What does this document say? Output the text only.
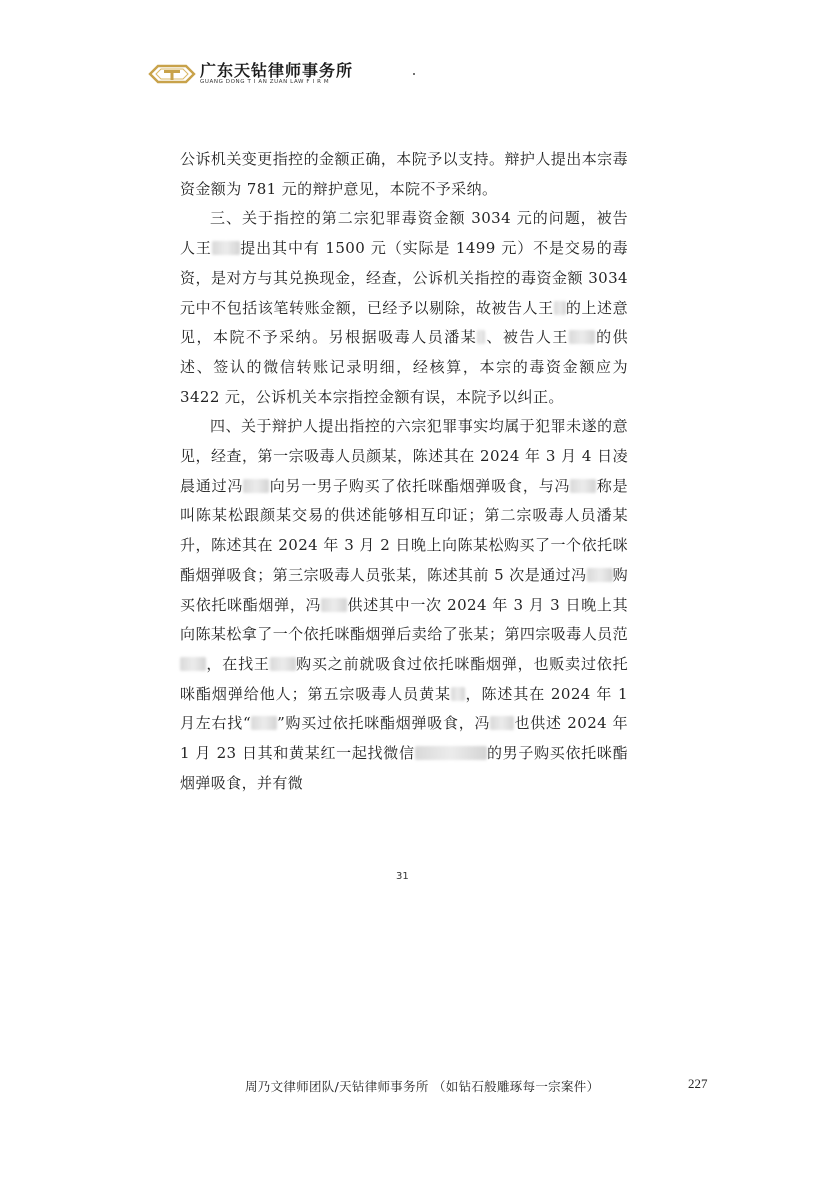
广东天钻律师事务所
GUANG DONG T I AN ZUAN LAW F I R M

公诉机关变更指控的金额正确，本院予以支持。辩护人提出本宗毒资金额为 781 元的辩护意见，本院不予采纳。

三、关于指控的第二宗犯罪毒资金额 3034 元的问题，被告人王 提出其中有 1500 元（实际是 1499 元）不是交易的毒资，是对方与其兑换现金，经查，公诉机关指控的毒资金额 3034 元中不包括该笔转账金额，已经予以剔除，故被告人王 的上述意见，本院不予采纳。另根据吸毒人员潘某 、被告人王 的供述、签认的微信转账记录明细，经核算，本宗的毒资金额应为 3422 元，公诉机关本宗指控金额有误，本院予以纠正。

四、关于辩护人提出指控的六宗犯罪事实均属于犯罪未遂的意见，经查，第一宗吸毒人员颜某，陈述其在 2024 年 3 月 4 日凌晨通过冯 向另一男子购买了依托咪酯烟弹吸食，与冯 称是叫陈某松跟颜某交易的供述能够相互印证；第二宗吸毒人员潘某升，陈述其在 2024 年 3 月 2 日晚上向陈某松购买了一个依托咪酯烟弹吸食；第三宗吸毒人员张某，陈述其前 5 次是通过冯 购买依托咪酯烟弹，冯 供述其中一次 2024 年 3 月 3 日晚上其向陈某松拿了一个依托咪酯烟弹后卖给了张某；第四宗吸毒人员范，在找王 购买之前就吸食过依托咪酯烟弹，也贩卖过依托咪酯烟弹给他人；第五宗吸毒人员黄某 ，陈述其在 2024 年 1 月左右找“ ”购买过依托咪酯烟弹吸食，冯 也供述 2024 年 1 月 23 日其和黄某红一起找微信	的男子购买依托咪酯烟弹吸食，并有微

31
周乃文律师团队/天钻律师事务所 （如钻石般雕琢每一宗案件）	227
